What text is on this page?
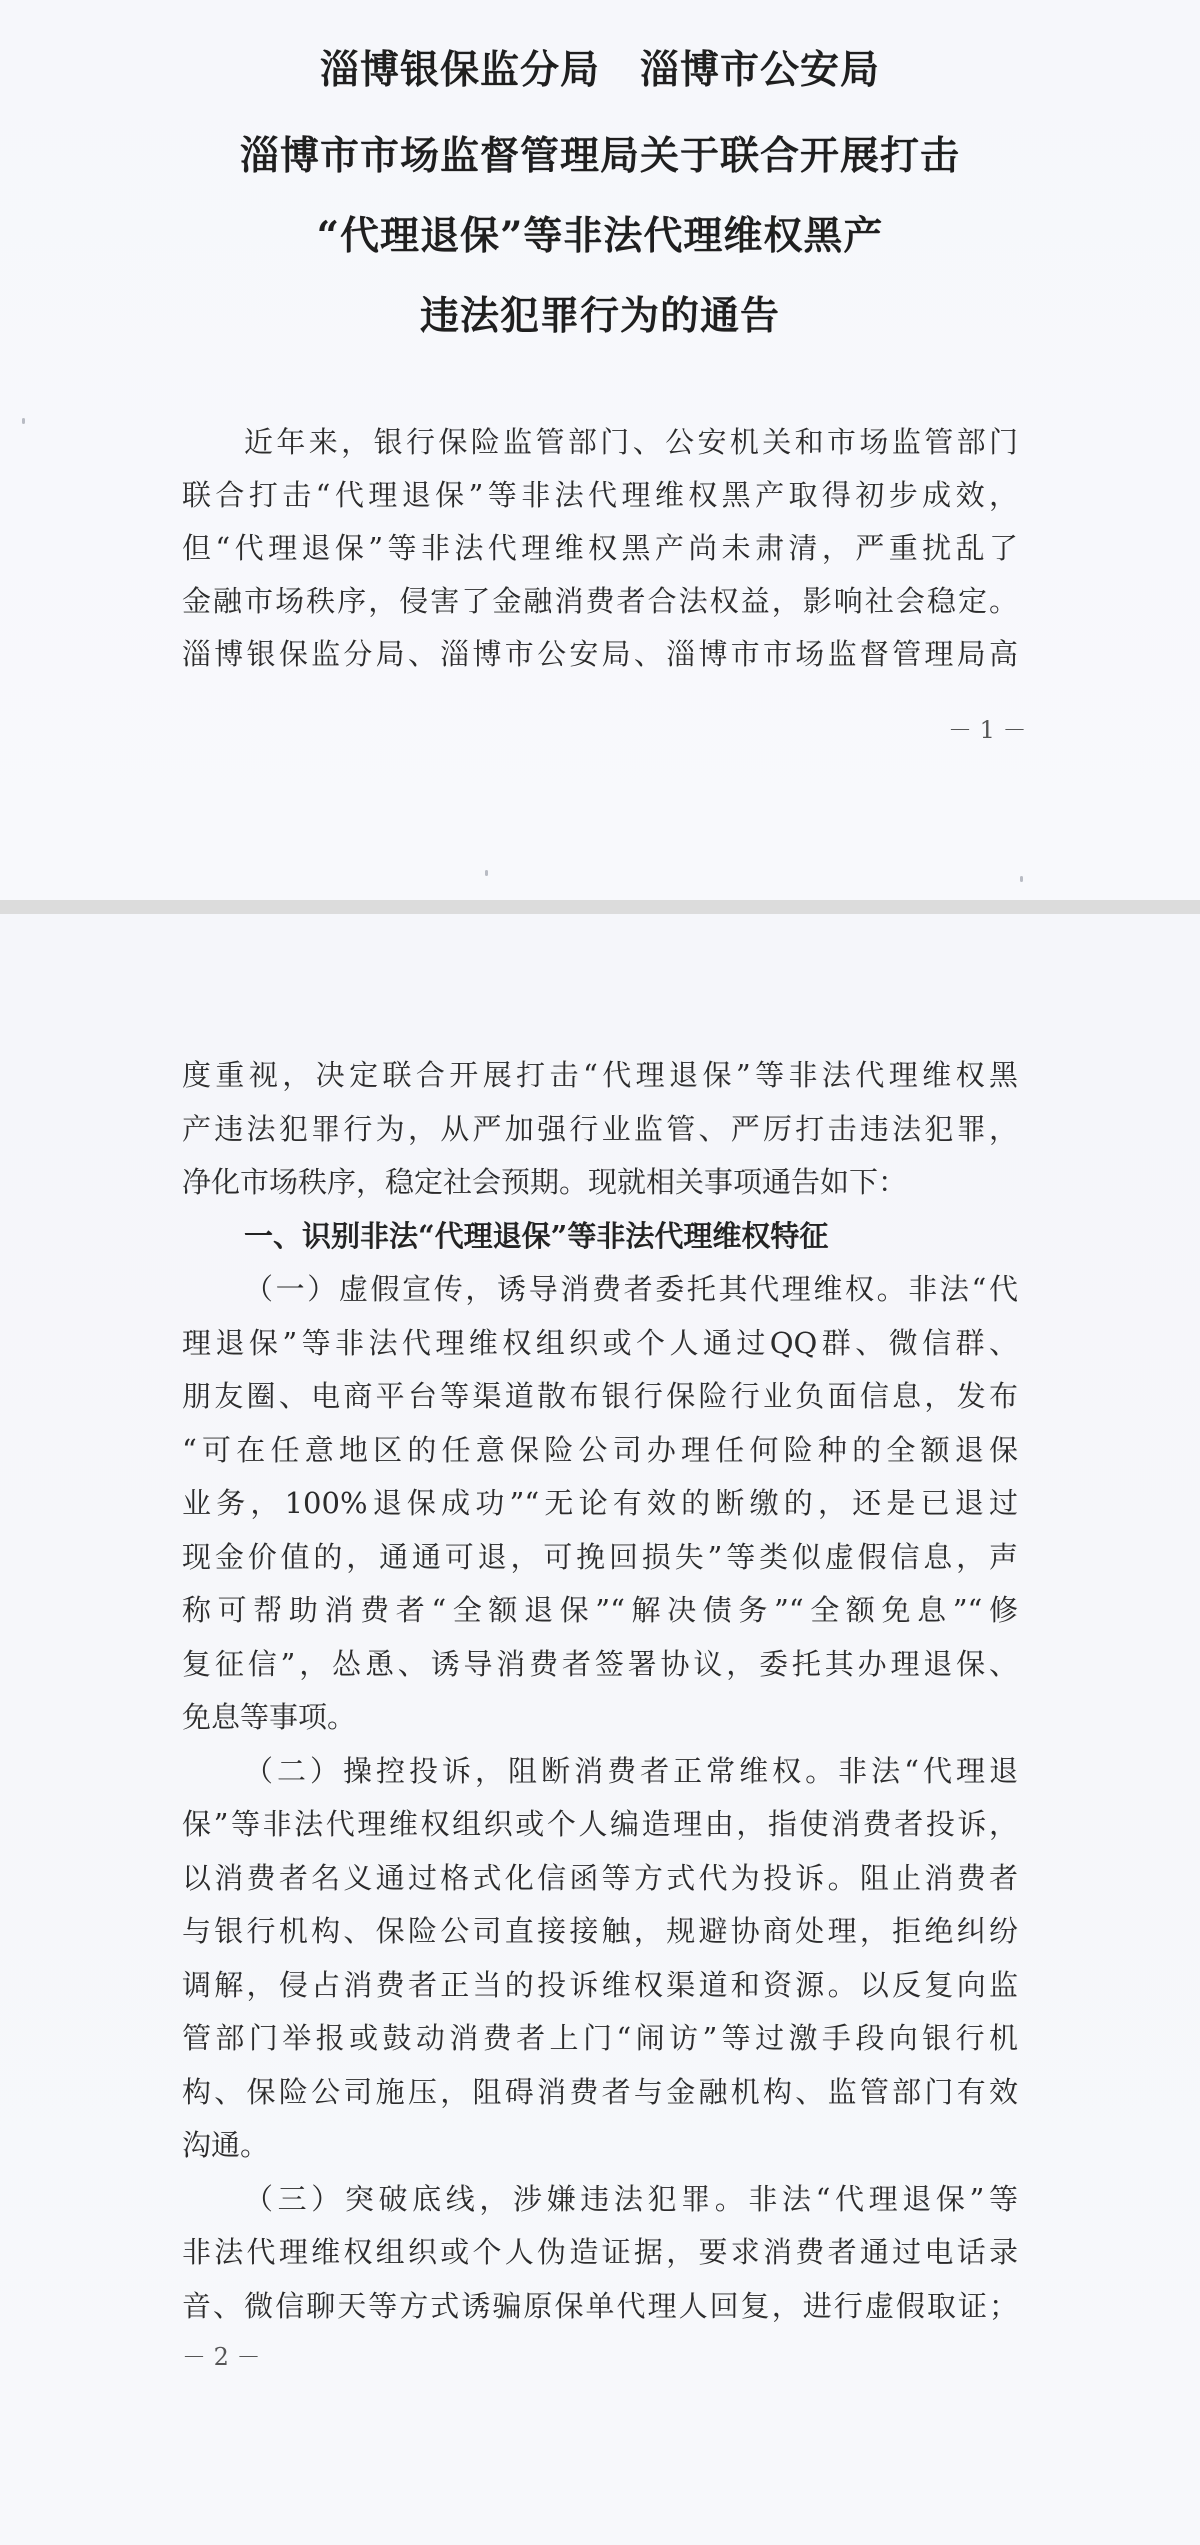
淄博银保监分局　淄博市公安局
淄博市市场监督管理局关于联合开展打击
“代理退保”等非法代理维权黑产
违法犯罪行为的通告
近年来，银行保险监管部门、公安机关和市场监管部门
联合打击“代理退保”等非法代理维权黑产取得初步成效，
但“代理退保”等非法代理维权黑产尚未肃清，严重扰乱了
金融市场秩序，侵害了金融消费者合法权益，影响社会稳定。
淄博银保监分局、淄博市公安局、淄博市市场监督管理局高
－ 1 －
度重视，决定联合开展打击“代理退保”等非法代理维权黑
产违法犯罪行为，从严加强行业监管、严厉打击违法犯罪，
净化市场秩序，稳定社会预期。现就相关事项通告如下：
一、识别非法“代理退保”等非法代理维权特征
（一）虚假宣传，诱导消费者委托其代理维权。非法“代
理退保”等非法代理维权组织或个人通过QQ群、微信群、
朋友圈、电商平台等渠道散布银行保险行业负面信息，发布
“可在任意地区的任意保险公司办理任何险种的全额退保
业务，100%退保成功”“无论有效的断缴的，还是已退过
现金价值的，通通可退，可挽回损失”等类似虚假信息，声
称可帮助消费者“全额退保”“解决债务”“全额免息”“修
复征信”，怂恿、诱导消费者签署协议，委托其办理退保、
免息等事项。
（二）操控投诉，阻断消费者正常维权。非法“代理退
保”等非法代理维权组织或个人编造理由，指使消费者投诉，
以消费者名义通过格式化信函等方式代为投诉。阻止消费者
与银行机构、保险公司直接接触，规避协商处理，拒绝纠纷
调解，侵占消费者正当的投诉维权渠道和资源。以反复向监
管部门举报或鼓动消费者上门“闹访”等过激手段向银行机
构、保险公司施压，阻碍消费者与金融机构、监管部门有效
沟通。
（三）突破底线，涉嫌违法犯罪。非法“代理退保”等
非法代理维权组织或个人伪造证据，要求消费者通过电话录
音、微信聊天等方式诱骗原保单代理人回复，进行虚假取证；
－ 2 －
